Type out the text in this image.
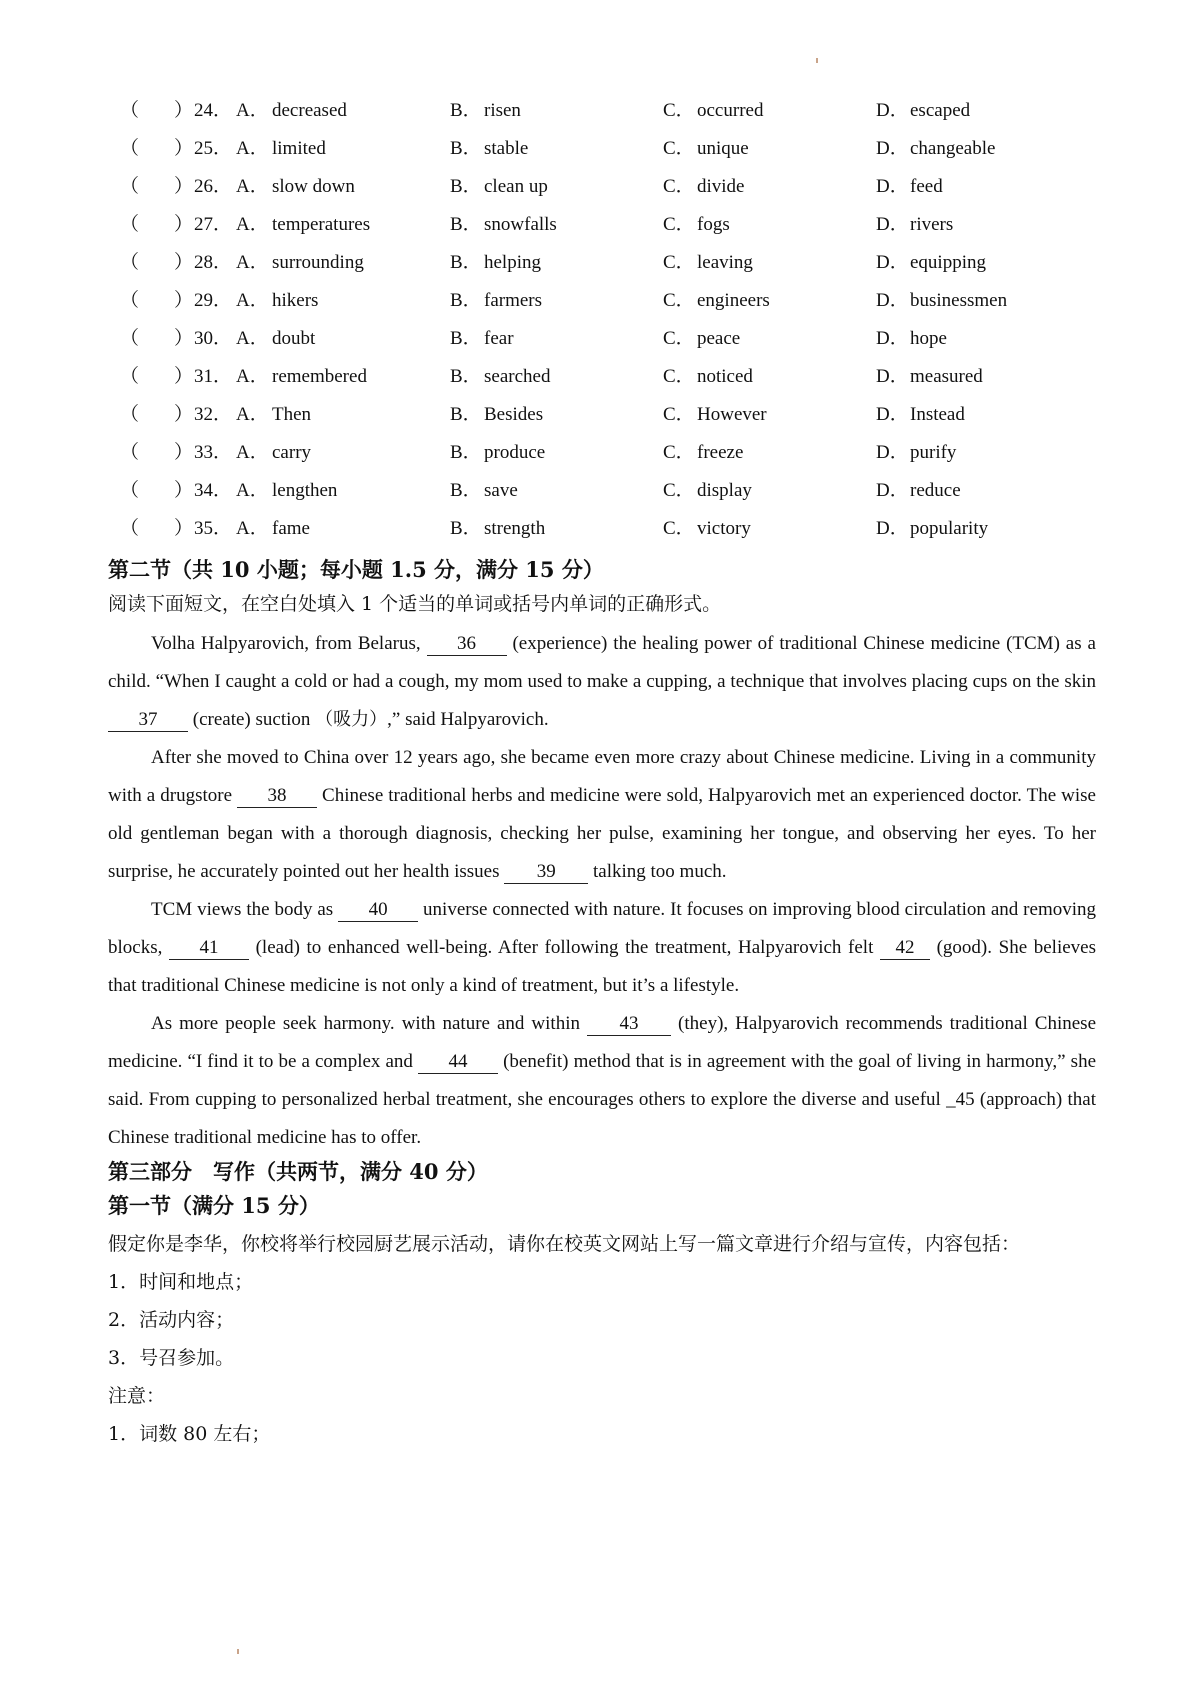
（ ） 24． A． decreased	B． risen	C． occurred	D． escaped
（ ） 25． A． limited	B． stable	C． unique	D． changeable
（ ） 26． A． slow down	B． clean up	C． divide	D． feed
（ ） 27． A． temperatures	B． snowfalls	C． fogs	D． rivers
（ ） 28． A． surrounding	B． helping	C． leaving	D． equipping
（ ） 29． A． hikers	B． farmers	C． engineers	D． businessmen
（ ） 30． A． doubt	B． fear	C． peace	D． hope
（ ） 31． A． remembered	B． searched	C． noticed	D． measured
（ ） 32． A． Then	B． Besides	C． However	D． Instead
（ ） 33． A． carry	B． produce	C． freeze	D． purify
（ ） 34． A． lengthen	B． save	C． display	D． reduce
（ ） 35． A． fame	B． strength	C． victory	D． popularity
第二节（共 10 小题；每小题 1.5 分，满分 15 分）
阅读下面短文，在空白处填入 1 个适当的单词或括号内单词的正确形式。

Volha Halpyarovich, from Belarus, 36 (experience) the healing power of traditional Chinese medicine (TCM) as a child. “When I caught a cold or had a cough, my mom used to make a cupping, a technique that involves placing cups on the skin 37 (create) suction （吸力）,” said Halpyarovich.

After she moved to China over 12 years ago, she became even more crazy about Chinese medicine. Living in a community with a drugstore 38 Chinese traditional herbs and medicine were sold, Halpyarovich met an experienced doctor. The wise old gentleman began with a thorough diagnosis, checking her pulse, examining her tongue, and observing her eyes. To her surprise, he accurately pointed out her health issues 39 talking too much.

TCM views the body as 40 universe connected with nature. It focuses on improving blood circulation and removing blocks, 41 (lead) to enhanced well-being. After following the treatment, Halpyarovich felt 42 (good). She believes that traditional Chinese medicine is not only a kind of treatment, but it’s a lifestyle.

As more people seek harmony. with nature and within 43 (they), Halpyarovich recommends traditional Chinese medicine. “I find it to be a complex and 44 (benefit) method that is in agreement with the goal of living in harmony,” she said. From cupping to personalized herbal treatment, she encourages others to explore the diverse and useful _45 (approach) that Chinese traditional medicine has to offer.

第三部分　写作（共两节，满分 40 分）
第一节（满分 15 分）
假定你是李华，你校将举行校园厨艺展示活动，请你在校英文网站上写一篇文章进行介绍与宣传，内容包括：
1．时间和地点；
2．活动内容；
3．号召参加。
注意：
1．词数 80 左右；
